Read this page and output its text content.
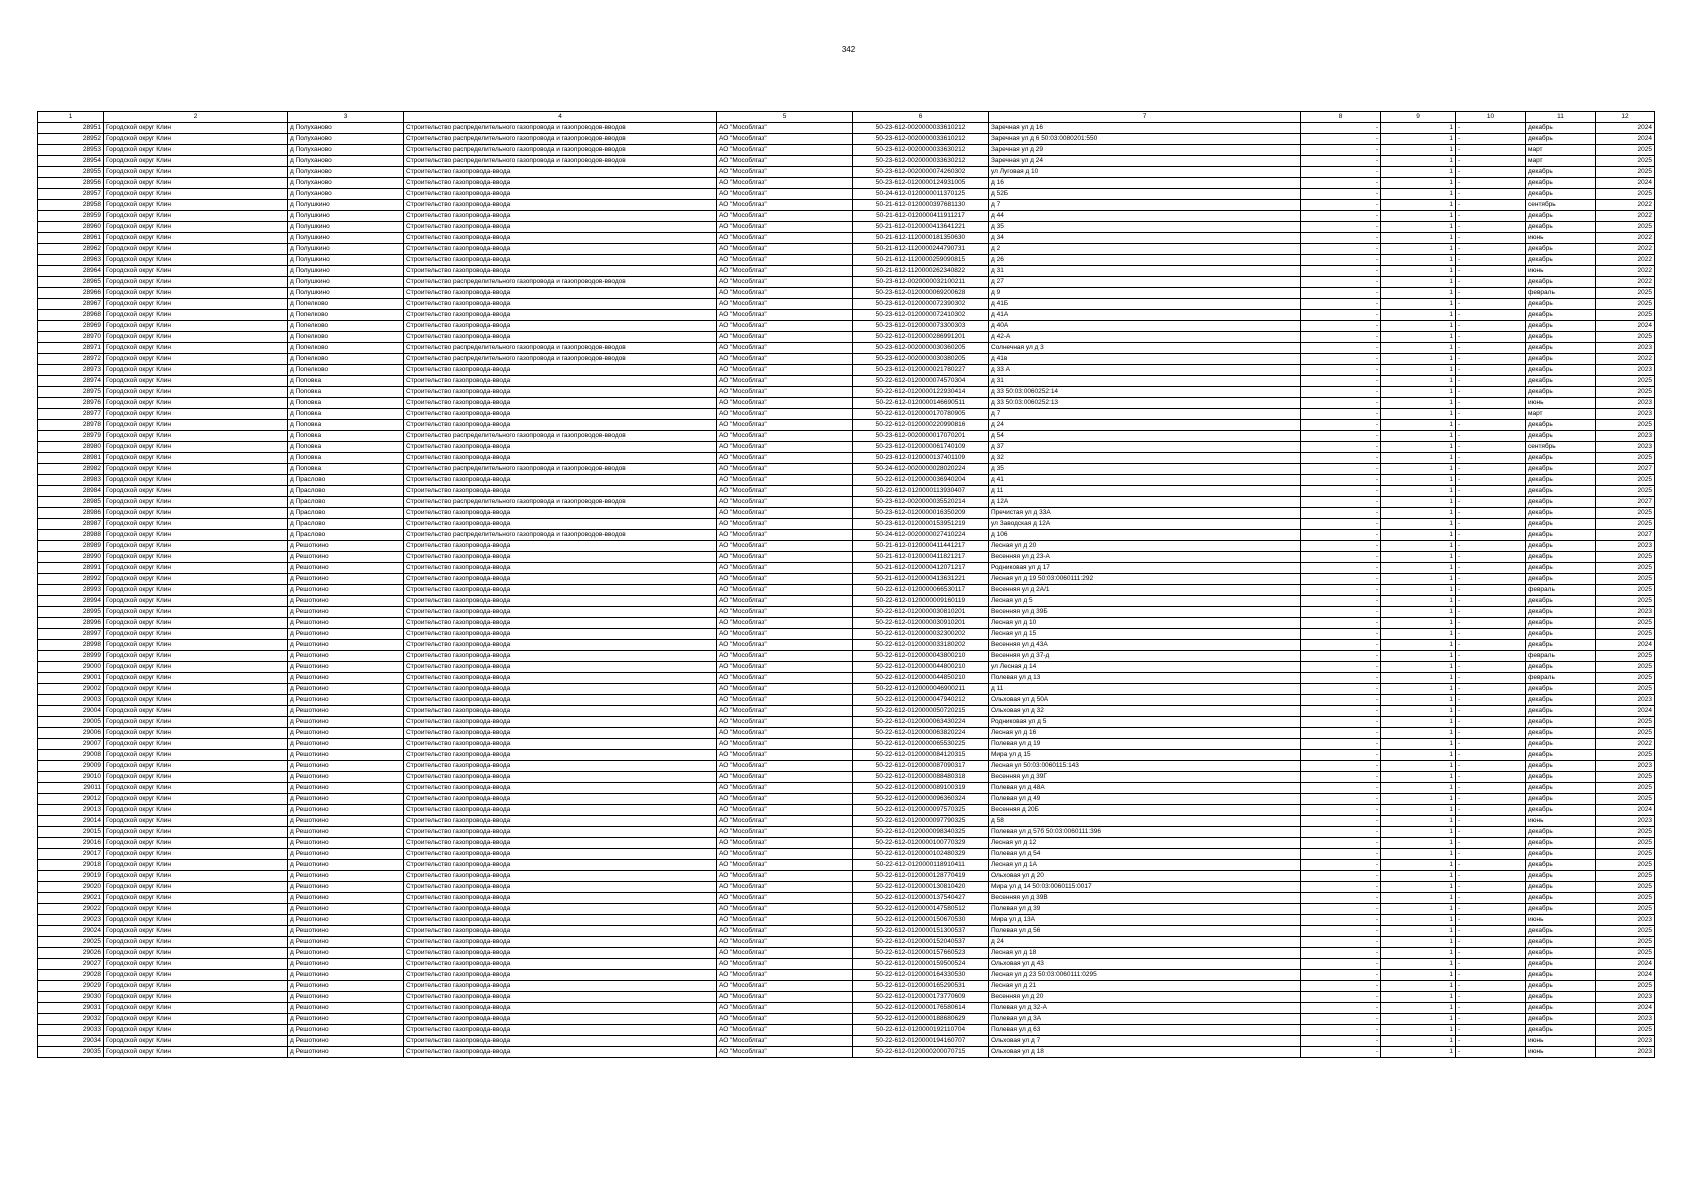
342
1	2	3	4	5	6	7	8	9	10	11	12
28951	Городской округ Клин	д Полуханово	Строительство распределительного газопровода и газопроводов-вводов	АО "Мособлгаз"	50-23-612-0020000033610212	Заречная ул д 16	-	1	-	декабрь	2024
28952	Городской округ Клин	д Полуханово	Строительство распределительного газопровода и газопроводов-вводов	АО "Мособлгаз"	50-23-612-0020000033610212	Заречная ул д 6 50:03:0080201:550	-	1	-	декабрь	2024
28953	Городской округ Клин	д Полуханово	Строительство распределительного газопровода и газопроводов-вводов	АО "Мособлгаз"	50-23-612-0020000033630212	Заречная ул д 29	-	1	-	март	2025
28954	Городской округ Клин	д Полуханово	Строительство распределительного газопровода и газопроводов-вводов	АО "Мособлгаз"	50-23-612-0020000033630212	Заречная ул д 24	-	1	-	март	2025
28955	Городской округ Клин	д Полуханово	Строительство газопровода-ввода	АО "Мособлгаз"	50-23-612-0020000074260302	ул Луговая д 10	-	1	-	декабрь	2025
28956	Городской округ Клин	д Полуханово	Строительство газопровода-ввода	АО "Мособлгаз"	50-23-612-0120000124931005	д 16	-	1	-	декабрь	2024
28957	Городской округ Клин	д Полуханово	Строительство газопровода-ввода	АО "Мособлгаз"	50-24-612-0120000011370125	д 52Б	-	1	-	декабрь	2025
28958	Городской округ Клин	д Полушкино	Строительство газопровода-ввода	АО "Мособлгаз"	50-21-612-0120000397681130	д 7	-	1	-	сентябрь	2022
28959	Городской округ Клин	д Полушкино	Строительство газопровода-ввода	АО "Мособлгаз"	50-21-612-0120000411911217	д 44	-	1	-	декабрь	2022
28960	Городской округ Клин	д Полушкино	Строительство газопровода-ввода	АО "Мособлгаз"	50-21-612-0120000413641221	д 35	-	1	-	декабрь	2025
28961	Городской округ Клин	д Полушкино	Строительство газопровода-ввода	АО "Мособлгаз"	50-21-612-1120000181350630	д 34	-	1	-	июнь	2022
28962	Городской округ Клин	д Полушкино	Строительство газопровода-ввода	АО "Мособлгаз"	50-21-612-1120000244790731	д 2	-	1	-	декабрь	2022
28963	Городской округ Клин	д Полушкино	Строительство газопровода-ввода	АО "Мособлгаз"	50-21-612-1120000259090815	д 26	-	1	-	декабрь	2022
28964	Городской округ Клин	д Полушкино	Строительство газопровода-ввода	АО "Мособлгаз"	50-21-612-1120000262340822	д 31	-	1	-	июнь	2022
28965	Городской округ Клин	д Полушкино	Строительство распределительного газопровода и газопроводов-вводов	АО "Мособлгаз"	50-23-612-0020000032100211	д 27	-	1	-	декабрь	2022
28966	Городской округ Клин	д Полушкино	Строительство газопровода-ввода	АО "Мособлгаз"	50-23-612-0120000069200628	д 9	-	1	-	февраль	2025
28967	Городской округ Клин	д Попелково	Строительство газопровода-ввода	АО "Мособлгаз"	50-23-612-0120000072390302	д 41Б	-	1	-	декабрь	2025
28968	Городской округ Клин	д Попелково	Строительство газопровода-ввода	АО "Мособлгаз"	50-23-612-0120000072410302	д 41А	-	1	-	декабрь	2025
28969	Городской округ Клин	д Попелково	Строительство газопровода-ввода	АО "Мособлгаз"	50-23-612-0120000073300303	д 40А	-	1	-	декабрь	2024
28970	Городской округ Клин	д Попелково	Строительство газопровода-ввода	АО "Мособлгаз"	50-22-612-0120000286991201	д 42-А	-	1	-	декабрь	2025
28971	Городской округ Клин	д Попелково	Строительство распределительного газопровода и газопроводов-вводов	АО "Мособлгаз"	50-23-612-0020000030360205	Солнечная ул д 3	-	1	-	декабрь	2023
28972	Городской округ Клин	д Попелково	Строительство распределительного газопровода и газопроводов-вводов	АО "Мособлгаз"	50-23-612-0020000030380205	д 41в	-	1	-	декабрь	2022
28973	Городской округ Клин	д Попелково	Строительство газопровода-ввода	АО "Мособлгаз"	50-23-612-0120000021780227	д 33 А	-	1	-	декабрь	2023
28974	Городской округ Клин	д Поповка	Строительство газопровода-ввода	АО "Мособлгаз"	50-22-612-0120000074570304	д 31	-	1	-	декабрь	2025
28975	Городской округ Клин	д Поповка	Строительство газопровода-ввода	АО "Мособлгаз"	50-22-612-0120000122930414	д 33 50:03:0060252:14	-	1	-	декабрь	2025
28976	Городской округ Клин	д Поповка	Строительство газопровода-ввода	АО "Мособлгаз"	50-22-612-0120000146690511	д 33 50:03:0060252:13	-	1	-	июнь	2023
28977	Городской округ Клин	д Поповка	Строительство газопровода-ввода	АО "Мособлгаз"	50-22-612-0120000170780905	д 7	-	1	-	март	2023
28978	Городской округ Клин	д Поповка	Строительство газопровода-ввода	АО "Мособлгаз"	50-22-612-0120000220990816	д 24	-	1	-	декабрь	2025
28979	Городской округ Клин	д Поповка	Строительство распределительного газопровода и газопроводов-вводов	АО "Мособлгаз"	50-23-612-0020000017070201	д 54	-	1	-	декабрь	2023
28980	Городской округ Клин	д Поповка	Строительство газопровода-ввода	АО "Мособлгаз"	50-23-612-0120000061740109	д 37	-	1	-	сентябрь	2023
28981	Городской округ Клин	д Поповка	Строительство газопровода-ввода	АО "Мособлгаз"	50-23-612-0120000137401109	д 32	-	1	-	декабрь	2025
28982	Городской округ Клин	д Поповка	Строительство распределительного газопровода и газопроводов-вводов	АО "Мособлгаз"	50-24-612-0020000028020224	д 35	-	1	-	декабрь	2027
28983	Городской округ Клин	д Праслово	Строительство газопровода-ввода	АО "Мособлгаз"	50-22-612-0120000036940204	д 41	-	1	-	декабрь	2025
28984	Городской округ Клин	д Праслово	Строительство газопровода-ввода	АО "Мособлгаз"	50-22-612-0120000113930407	д 11	-	1	-	декабрь	2025
28985	Городской округ Клин	д Праслово	Строительство распределительного газопровода и газопроводов-вводов	АО "Мособлгаз"	50-23-612-0020000035520214	д 12А	-	1	-	декабрь	2027
28986	Городской округ Клин	д Праслово	Строительство газопровода-ввода	АО "Мособлгаз"	50-23-612-0120000016350209	Пречистая ул д 33А	-	1	-	декабрь	2025
28987	Городской округ Клин	д Праслово	Строительство газопровода-ввода	АО "Мособлгаз"	50-23-612-0120000153951219	ул Заводская д 12А	-	1	-	декабрь	2025
28988	Городской округ Клин	д Праслово	Строительство распределительного газопровода и газопроводов-вводов	АО "Мособлгаз"	50-24-612-0020000027410224	д 106	-	1	-	декабрь	2027
28989	Городской округ Клин	д Решоткино	Строительство газопровода-ввода	АО "Мособлгаз"	50-21-612-0120000411441217	Лесная ул д 20	-	1	-	декабрь	2023
28990	Городской округ Клин	д Решоткино	Строительство газопровода-ввода	АО "Мособлгаз"	50-21-612-0120000411821217	Весенняя ул д 23-А	-	1	-	декабрь	2025
28991	Городской округ Клин	д Решоткино	Строительство газопровода-ввода	АО "Мособлгаз"	50-21-612-0120000412071217	Родниковая ул д 17	-	1	-	декабрь	2025
28992	Городской округ Клин	д Решоткино	Строительство газопровода-ввода	АО "Мособлгаз"	50-21-612-0120000413631221	Лесная ул д 19 50:03:0060111:292	-	1	-	декабрь	2025
28993	Городской округ Клин	д Решоткино	Строительство газопровода-ввода	АО "Мособлгаз"	50-22-612-0120000066530117	Весенняя ул д 2А/1	-	1	-	февраль	2025
28994	Городской округ Клин	д Решоткино	Строительство газопровода-ввода	АО "Мособлгаз"	50-22-612-0120000009160119	Лесная ул д 5	-	1	-	декабрь	2025
28995	Городской округ Клин	д Решоткино	Строительство газопровода-ввода	АО "Мособлгаз"	50-22-612-0120000030810201	Весенняя ул д 39Б	-	1	-	декабрь	2023
28996	Городской округ Клин	д Решоткино	Строительство газопровода-ввода	АО "Мособлгаз"	50-22-612-0120000030910201	Лесная ул д 10	-	1	-	декабрь	2025
28997	Городской округ Клин	д Решоткино	Строительство газопровода-ввода	АО "Мособлгаз"	50-22-612-0120000032300202	Лесная ул д 15	-	1	-	декабрь	2025
28998	Городской округ Клин	д Решоткино	Строительство газопровода-ввода	АО "Мособлгаз"	50-22-612-0120000033180202	Весенняя ул д 43А	-	1	-	декабрь	2024
28999	Городской округ Клин	д Решоткино	Строительство газопровода-ввода	АО "Мособлгаз"	50-22-612-0120000043800210	Весенняя ул д 37-д	-	1	-	февраль	2025
29000	Городской округ Клин	д Решоткино	Строительство газопровода-ввода	АО "Мособлгаз"	50-22-612-0120000044800210	ул Лесная д 14	-	1	-	декабрь	2025
29001	Городской округ Клин	д Решоткино	Строительство газопровода-ввода	АО "Мособлгаз"	50-22-612-0120000044850210	Полевая ул д 13	-	1	-	февраль	2025
29002	Городской округ Клин	д Решоткино	Строительство газопровода-ввода	АО "Мособлгаз"	50-22-612-0120000046900211	д 11	-	1	-	декабрь	2025
29003	Городской округ Клин	д Решоткино	Строительство газопровода-ввода	АО "Мособлгаз"	50-22-612-0120000047940212	Ольховая ул д 50А	-	1	-	декабрь	2023
29004	Городской округ Клин	д Решоткино	Строительство газопровода-ввода	АО "Мособлгаз"	50-22-612-0120000050720215	Ольховая ул д 32	-	1	-	декабрь	2024
29005	Городской округ Клин	д Решоткино	Строительство газопровода-ввода	АО "Мособлгаз"	50-22-612-0120000063430224	Родниковая ул д 5	-	1	-	декабрь	2025
29006	Городской округ Клин	д Решоткино	Строительство газопровода-ввода	АО "Мособлгаз"	50-22-612-0120000063820224	Лесная ул д 16	-	1	-	декабрь	2025
29007	Городской округ Клин	д Решоткино	Строительство газопровода-ввода	АО "Мособлгаз"	50-22-612-0120000065530225	Полевая ул д 19	-	1	-	декабрь	2022
29008	Городской округ Клин	д Решоткино	Строительство газопровода-ввода	АО "Мособлгаз"	50-22-612-0120000084120315	Мира ул д 15	-	1	-	декабрь	2025
29009	Городской округ Клин	д Решоткино	Строительство газопровода-ввода	АО "Мособлгаз"	50-22-612-0120000087090317	Лесная ул 50:03:0060115:143	-	1	-	декабрь	2023
29010	Городской округ Клин	д Решоткино	Строительство газопровода-ввода	АО "Мособлгаз"	50-22-612-0120000088480318	Весенняя ул д 39Г	-	1	-	декабрь	2025
29011	Городской округ Клин	д Решоткино	Строительство газопровода-ввода	АО "Мособлгаз"	50-22-612-0120000089100319	Полевая ул д 48А	-	1	-	декабрь	2025
29012	Городской округ Клин	д Решоткино	Строительство газопровода-ввода	АО "Мособлгаз"	50-22-612-0120000096360324	Полевая ул д 49	-	1	-	декабрь	2025
29013	Городской округ Клин	д Решоткино	Строительство газопровода-ввода	АО "Мособлгаз"	50-22-612-0120000097570325	Весенняя д 20Б	-	1	-	декабрь	2024
29014	Городской округ Клин	д Решоткино	Строительство газопровода-ввода	АО "Мособлгаз"	50-22-612-0120000097790325	д 58	-	1	-	июнь	2023
29015	Городской округ Клин	д Решоткино	Строительство газопровода-ввода	АО "Мособлгаз"	50-22-612-0120000098340325	Полевая ул д 57б 50:03:0060111:396	-	1	-	декабрь	2025
29016	Городской округ Клин	д Решоткино	Строительство газопровода-ввода	АО "Мособлгаз"	50-22-612-0120000100770329	Лесная ул д 12	-	1	-	декабрь	2025
29017	Городской округ Клин	д Решоткино	Строительство газопровода-ввода	АО "Мособлгаз"	50-22-612-0120000102480329	Полевая ул д 54	-	1	-	декабрь	2025
29018	Городской округ Клин	д Решоткино	Строительство газопровода-ввода	АО "Мособлгаз"	50-22-612-0120000118910411	Лесная ул д 1А	-	1	-	декабрь	2025
29019	Городской округ Клин	д Решоткино	Строительство газопровода-ввода	АО "Мособлгаз"	50-22-612-0120000128770419	Ольховая ул д 20	-	1	-	декабрь	2025
29020	Городской округ Клин	д Решоткино	Строительство газопровода-ввода	АО "Мособлгаз"	50-22-612-0120000130810420	Мира ул д 14 50:03:0060115:0017	-	1	-	декабрь	2025
29021	Городской округ Клин	д Решоткино	Строительство газопровода-ввода	АО "Мособлгаз"	50-22-612-0120000137540427	Весенняя ул д 39В	-	1	-	декабрь	2025
29022	Городской округ Клин	д Решоткино	Строительство газопровода-ввода	АО "Мособлгаз"	50-22-612-0120000147580512	Полевая ул д 39	-	1	-	декабрь	2025
29023	Городской округ Клин	д Решоткино	Строительство газопровода-ввода	АО "Мособлгаз"	50-22-612-0120000150670530	Мира ул д 13А	-	1	-	июнь	2023
29024	Городской округ Клин	д Решоткино	Строительство газопровода-ввода	АО "Мособлгаз"	50-22-612-0120000151300537	Полевая ул д 56	-	1	-	декабрь	2025
29025	Городской округ Клин	д Решоткино	Строительство газопровода-ввода	АО "Мособлгаз"	50-22-612-0120000152040537	д 24	-	1	-	декабрь	2025
29026	Городской округ Клин	д Решоткино	Строительство газопровода-ввода	АО "Мособлгаз"	50-22-612-0120000157660523	Лесная ул д 18	-	1	-	декабрь	2025
29027	Городской округ Клин	д Решоткино	Строительство газопровода-ввода	АО "Мособлгаз"	50-22-612-0120000159500524	Ольховая ул д 43	-	1	-	декабрь	2024
29028	Городской округ Клин	д Решоткино	Строительство газопровода-ввода	АО "Мособлгаз"	50-22-612-0120000164330530	Лесная ул д 23 50:03:0060111:0295	-	1	-	декабрь	2024
29029	Городской округ Клин	д Решоткино	Строительство газопровода-ввода	АО "Мособлгаз"	50-22-612-0120000165290531	Лесная ул д 21	-	1	-	декабрь	2025
29030	Городской округ Клин	д Решоткино	Строительство газопровода-ввода	АО "Мособлгаз"	50-22-612-0120000173770609	Весенняя ул д 20	-	1	-	декабрь	2023
29031	Городской округ Клин	д Решоткино	Строительство газопровода-ввода	АО "Мособлгаз"	50-22-612-0120000176580614	Полевая ул д 32-А	-	1	-	декабрь	2024
29032	Городской округ Клин	д Решоткино	Строительство газопровода-ввода	АО "Мособлгаз"	50-22-612-0120000188680629	Полевая ул д 3А	-	1	-	декабрь	2023
29033	Городской округ Клин	д Решоткино	Строительство газопровода-ввода	АО "Мособлгаз"	50-22-612-0120000192110704	Полевая ул д 63	-	1	-	декабрь	2025
29034	Городской округ Клин	д Решоткино	Строительство газопровода-ввода	АО "Мособлгаз"	50-22-612-0120000194160707	Ольховая ул д 7	-	1	-	июнь	2023
29035	Городской округ Клин	д Решоткино	Строительство газопровода-ввода	АО "Мособлгаз"	50-22-612-0120000200070715	Ольховая ул д 18	-	1	-	июнь	2023
